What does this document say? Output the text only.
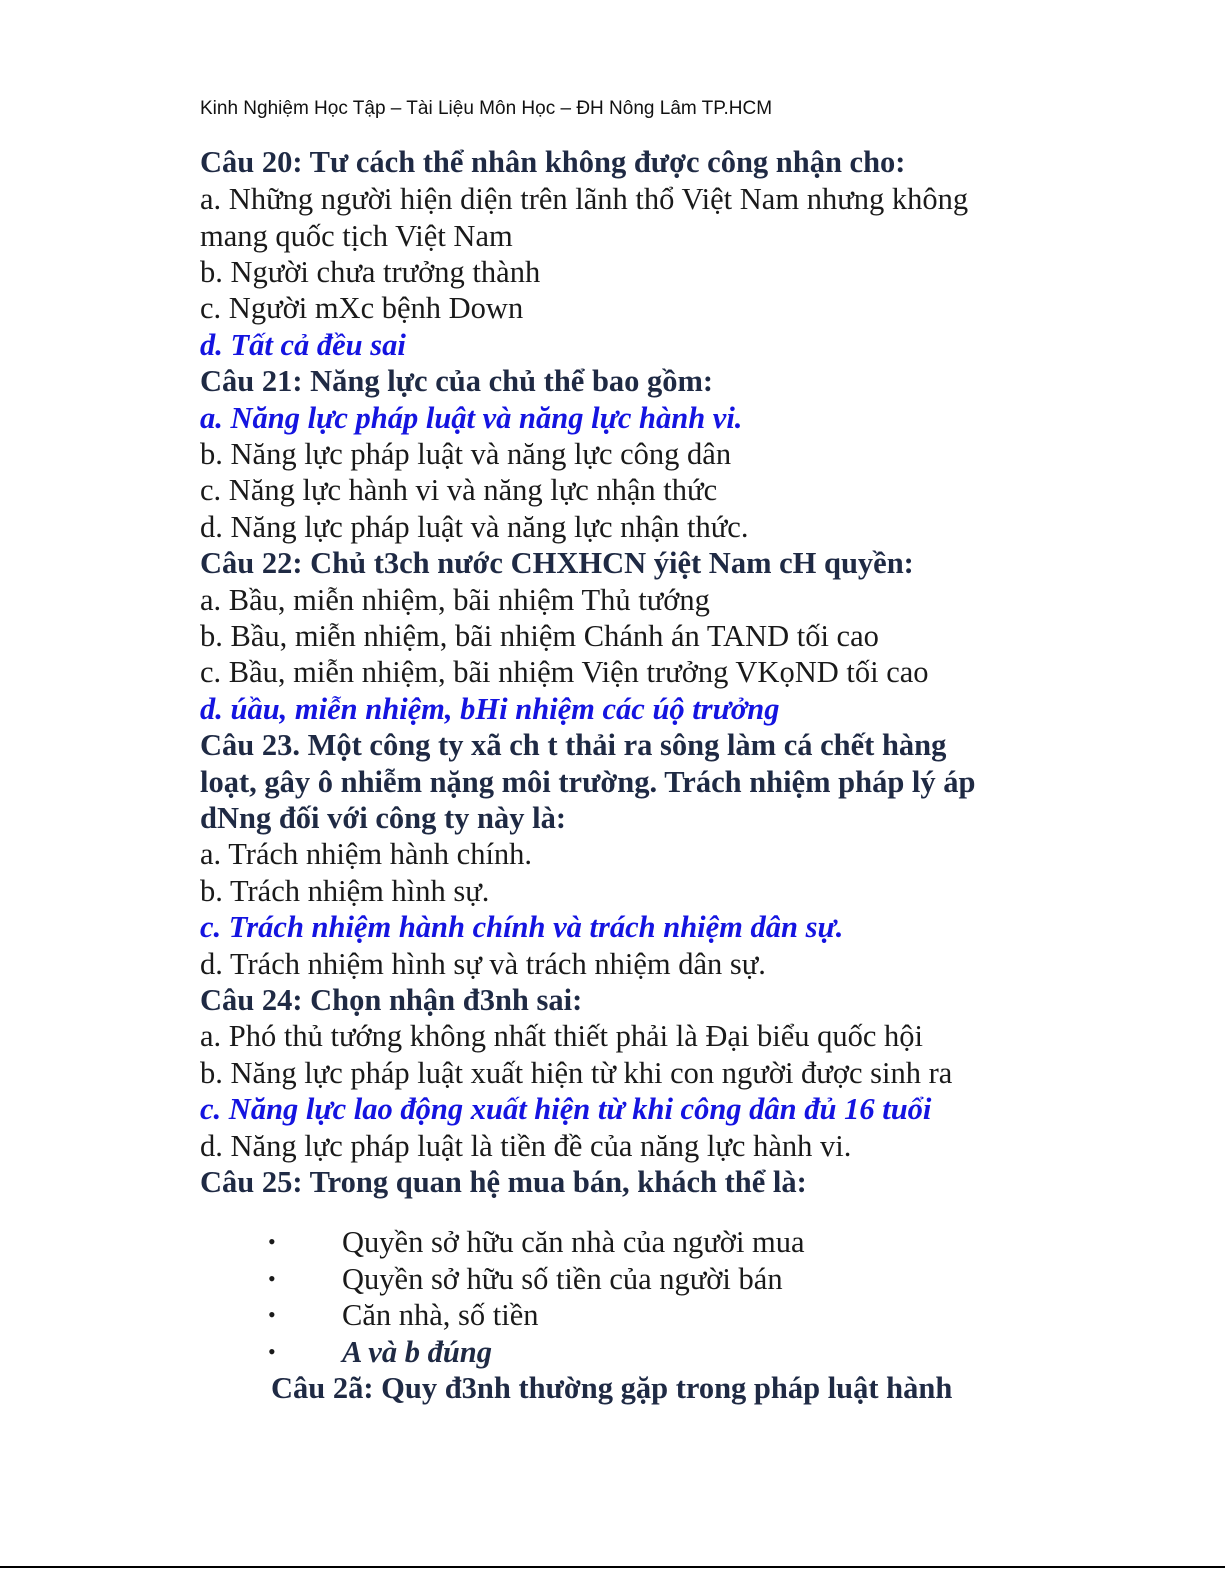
Kinh Nghiệm Học Tập – Tài Liệu Môn Học – ĐH Nông Lâm TP.HCM
Câu 20: Tư cách thể nhân không được công nhận cho:
a. Những người hiện diện trên lãnh thổ Việt Nam nhưng không
mang quốc tịch Việt Nam
b. Người chưa trưởng thành
c. Người mXc bệnh Down
d. Tất cả đều sai
Câu 21: Năng lực của chủ thể bao gồm:
a. Năng lực pháp luật và năng lực hành vi.
b. Năng lực pháp luật và năng lực công dân
c. Năng lực hành vi và năng lực nhận thức
d. Năng lực pháp luật và năng lực nhận thức.
Câu 22: Chủ t3ch nước CHXHCN ýiệt Nam cH quyền:
a. Bầu, miễn nhiệm, bãi nhiệm Thủ tướng
b. Bầu, miễn nhiệm, bãi nhiệm Chánh án TAND tối cao
c. Bầu, miễn nhiệm, bãi nhiệm Viện trưởng VKọND tối cao
d. úầu, miễn nhiệm, bHi nhiệm các úộ trưởng
Câu 23. Một công ty xã ch t thải ra sông làm cá chết hàng
loạt, gây ô nhiễm nặng môi trường. Trách nhiệm pháp lý áp
dNng đối với công ty này là:
a. Trách nhiệm hành chính.
b. Trách nhiệm hình sự.
c. Trách nhiệm hành chính và trách nhiệm dân sự.
d. Trách nhiệm hình sự và trách nhiệm dân sự.
Câu 24: Chọn nhận đ3nh sai:
a. Phó thủ tướng không nhất thiết phải là Đại biểu quốc hội
b. Năng lực pháp luật xuất hiện từ khi con người được sinh ra
c. Năng lực lao động xuất hiện từ khi công dân đủ 16 tuổi
d. Năng lực pháp luật là tiền đề của năng lực hành vi.
Câu 25: Trong quan hệ mua bán, khách thể là:
• Quyền sở hữu căn nhà của người mua
• Quyền sở hữu số tiền của người bán
• Căn nhà, số tiền
• A và b đúng
Câu 2ã: Quy đ3nh thường gặp trong pháp luật hành
